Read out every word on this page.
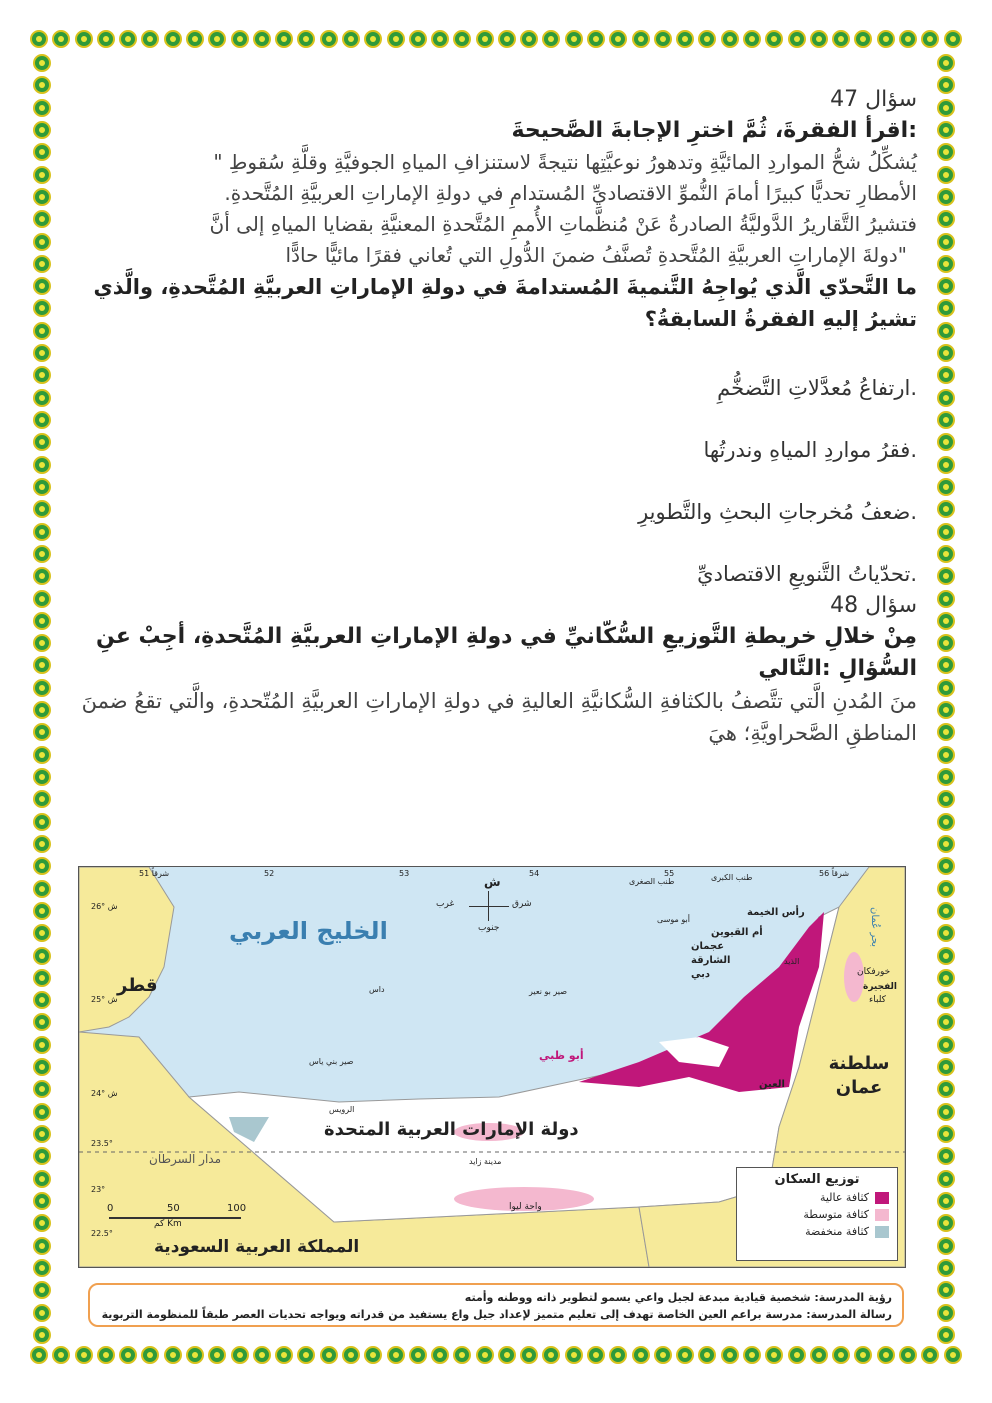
سؤال 47
:اقرأ الفقرةَ، ثُمَّ اخترِ الإجابةَ الصَّحيحةَ
يُشكِّلُ شحُّ المواردِ المائيَّةِ وتدهورُ نوعيَّتِها نتيجةً لاستنزافِ المياهِ الجوفيَّةِ وقلَّةِ سُقوطِ "
الأمطارِ تحديًّا كبيرًا أمامَ النُّموِّ الاقتصاديِّ المُستدامِ في دولةِ الإماراتِ العربيَّةِ المُتَّحدةِ.
فتشيرُ التَّقاريرُ الدَّوليَّةُ الصادرةُ عَنْ مُنظَّماتِ الأُممِ المُتَّحدةِ المعنيَّةِ بقضايا المياهِ إلى أنَّ
"دولةَ الإماراتِ العربيَّةِ المُتَّحدةِ تُصنَّفُ ضمنَ الدُّولِ التي تُعاني فقرًا مائيًّا حادًّا
ما التَّحدّي الَّذي يُواجِهُ التَّنميةَ المُستدامةَ في دولةِ الإماراتِ العربيَّةِ المُتَّحدةِ، والَّذي تشيرُ إليهِ الفقرةُ السابقةُ؟
.ارتفاعُ مُعدَّلاتِ التَّضخُّمِ
.فقرُ مواردِ المياهِ وندرتُها
.ضعفُ مُخرجاتِ البحثِ والتَّطويرِ
.تحدّياتُ التَّنويعِ الاقتصاديِّ
سؤال 48
مِنْ خلالِ خريطةِ التَّوزيعِ السُّكّانيِّ في دولةِ الإماراتِ العربيَّةِ المُتَّحدةِ، أجِبْ عنِ السُّؤالِ :التَّالي
منَ المُدنِ الَّتي تتَّصفُ بالكثافةِ السُّكانيَّةِ العاليةِ في دولةِ الإماراتِ العربيَّةِ المُتّحدةِ، والَّتي تقعُ ضمنَ المناطقِ الصَّحراويَّةِ؛ هيَ
الخليج العربي
قطر
دولة الإمارات العربية المتحدة
سلطنة عمان
المملكة العربية السعودية
بحر عُمان
مدار السرطان
ش
غرب	شرق
جنوب
أبو ظبي
دبي
الشارقة
عجمان
أم القيوين
رأس الخيمة
الفجيرة
خورفكان
كلباء
العين
الذيد
الرويس
واحة ليوا
مدينة زايد
طنب الكبرى
طنب الصغرى
أبو موسى
صير بو نعير
داس
صير بني ياس
51 شرقاً	52	53	54	55	56 شرقاً
26° ش
25° ش
24° ش
23.5°
23°
22.5°
0	50	100
كم Km
توزيع السكان
كثافة عالية
كثافة متوسطة
كثافة منخفضة
رؤية المدرسة: شخصية قيادية مبدعة لجيل واعي يسمو لتطوير ذاته ووطنه وأمته
رسالة المدرسة: مدرسة براعم العين الخاصة تهدف إلى تعليم متميز لإعداد جيل واع يستفيد من قدراته ويواجه تحديات العصر طبقاً للمنظومة التربوية
